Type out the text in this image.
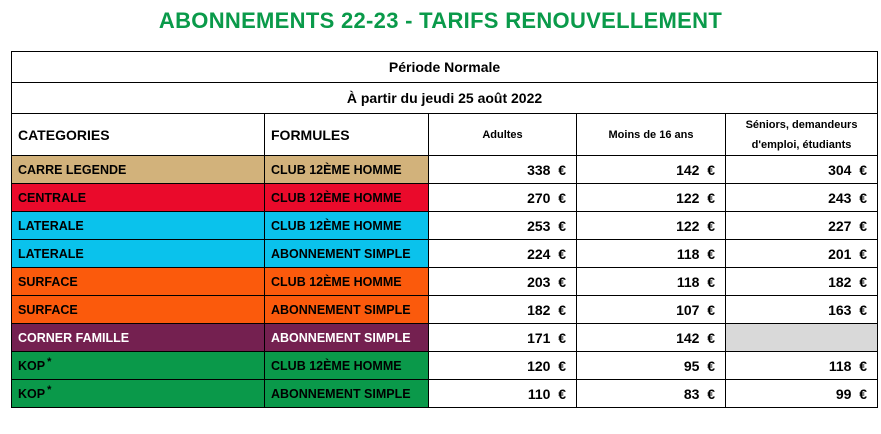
ABONNEMENTS 22-23 - TARIFS RENOUVELLEMENT
Période Normale				
À partir du jeudi 25 août 2022				
CATEGORIES	FORMULES	Adultes	Moins de 16 ans	Séniors, demandeurs
d'emploi, étudiants
CARRE LEGENDE	CLUB 12ÈME HOMME	338 €	142 €	304 €
CENTRALE	CLUB 12ÈME HOMME	270 €	122 €	243 €
LATERALE	CLUB 12ÈME HOMME	253 €	122 €	227 €
LATERALE	ABONNEMENT SIMPLE	224 €	118 €	201 €
SURFACE	CLUB 12ÈME HOMME	203 €	118 €	182 €
SURFACE	ABONNEMENT SIMPLE	182 €	107 €	163 €
CORNER FAMILLE	ABONNEMENT SIMPLE	171 €	142 €	
KOP *	CLUB 12ÈME HOMME	120 €	95 €	118 €
KOP *	ABONNEMENT SIMPLE	110 €	83 €	99 €
